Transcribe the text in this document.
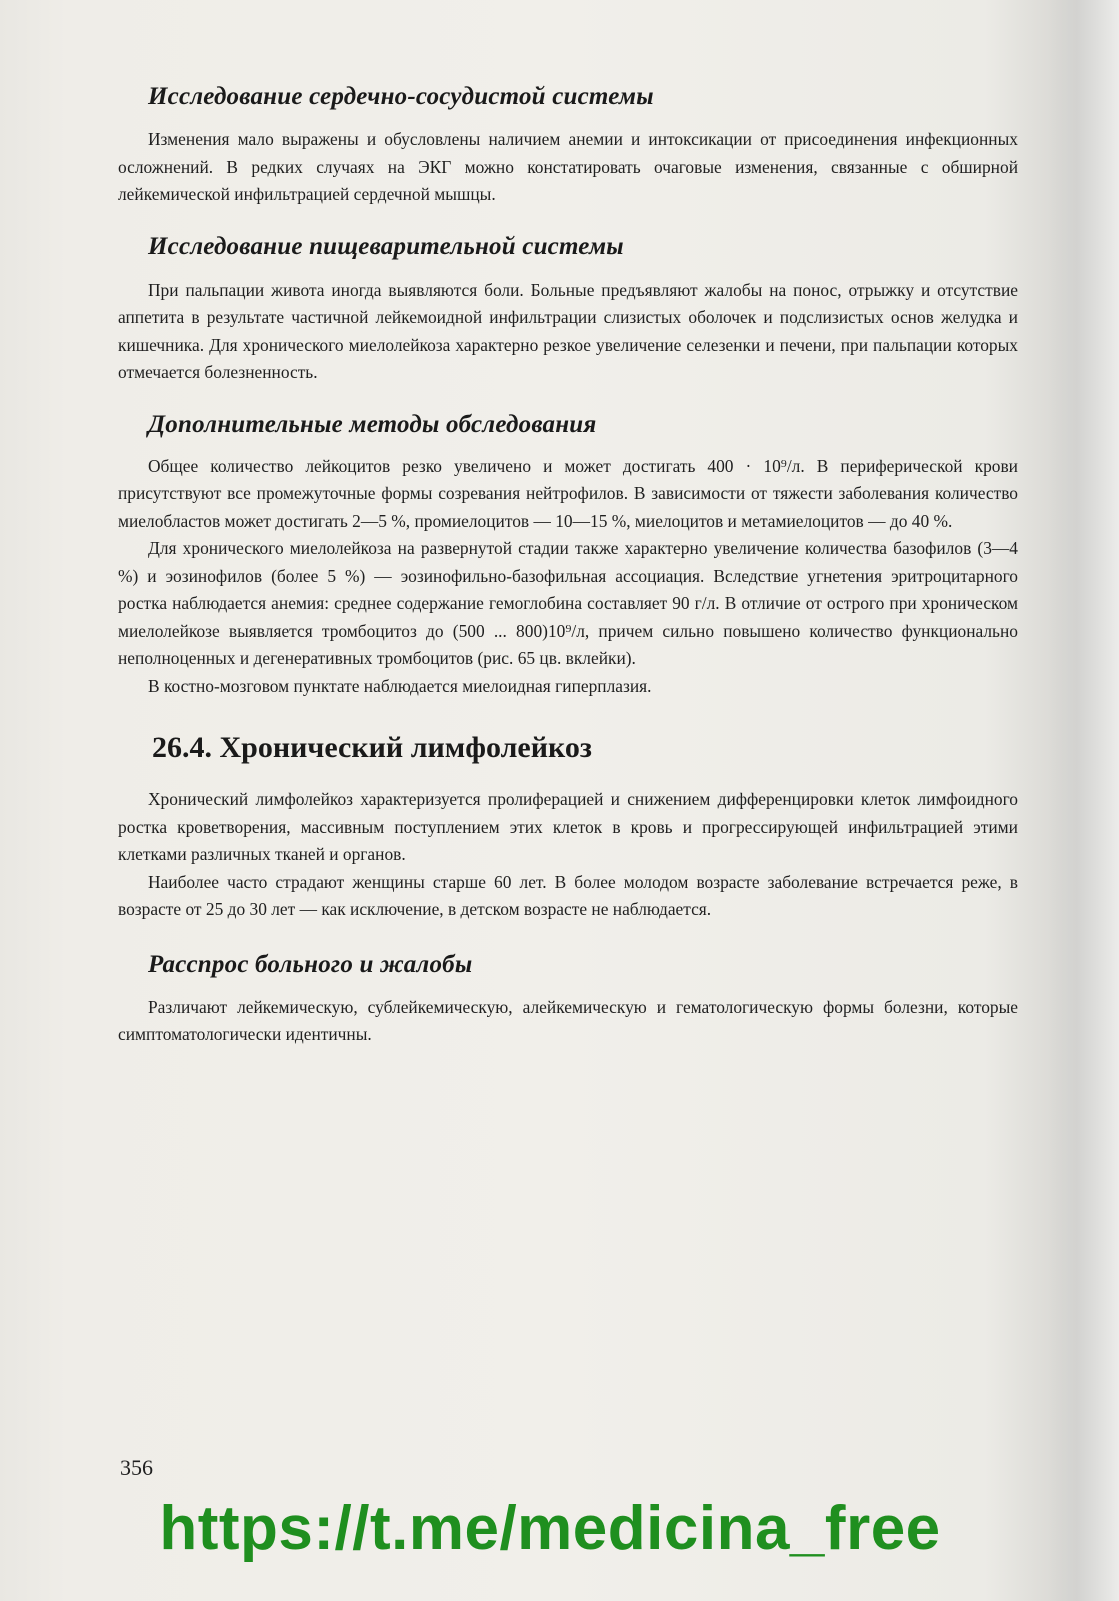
Исследование сердечно-сосудистой системы

Изменения мало выражены и обусловлены наличием анемии и интоксикации от присоединения инфекционных осложнений. В редких случаях на ЭКГ можно констатировать очаговые изменения, связанные с обширной лейкемической инфильтрацией сердечной мышцы.

Исследование пищеварительной системы

При пальпации живота иногда выявляются боли. Больные предъявляют жалобы на понос, отрыжку и отсутствие аппетита в результате частичной лейкемоидной инфильтрации слизистых оболочек и подслизистых основ желудка и кишечника. Для хронического миелолейкоза характерно резкое увеличение селезенки и печени, при пальпации которых отмечается болезненность.

Дополнительные методы обследования

Общее количество лейкоцитов резко увеличено и может достигать 400 · 10⁹/л. В периферической крови присутствуют все промежуточные формы созревания нейтрофилов. В зависимости от тяжести заболевания количество миелобластов может достигать 2—5 %, промиелоцитов — 10—15 %, миелоцитов и метамиелоцитов — до 40 %.

Для хронического миелолейкоза на развернутой стадии также характерно увеличение количества базофилов (3—4 %) и эозинофилов (более 5 %) — эозинофильно-базофильная ассоциация. Вследствие угнетения эритроцитарного ростка наблюдается анемия: среднее содержание гемоглобина составляет 90 г/л. В отличие от острого при хроническом миелолейкозе выявляется тромбоцитоз до (500 ... 800)10⁹/л, причем сильно повышено количество функционально неполноценных и дегенеративных тромбоцитов (рис. 65 цв. вклейки).

В костно-мозговом пунктате наблюдается миелоидная гиперплазия.

26.4. Хронический лимфолейкоз

Хронический лимфолейкоз характеризуется пролиферацией и снижением дифференцировки клеток лимфоидного ростка кроветворения, массивным поступлением этих клеток в кровь и прогрессирующей инфильтрацией этими клетками различных тканей и органов.

Наиболее часто страдают женщины старше 60 лет. В более молодом возрасте заболевание встречается реже, в возрасте от 25 до 30 лет — как исключение, в детском возрасте не наблюдается.

Расспрос больного и жалобы

Различают лейкемическую, сублейкемическую, алейкемическую и гематологическую формы болезни, которые симптоматологически идентичны.

356
https://t.me/medicina_free
